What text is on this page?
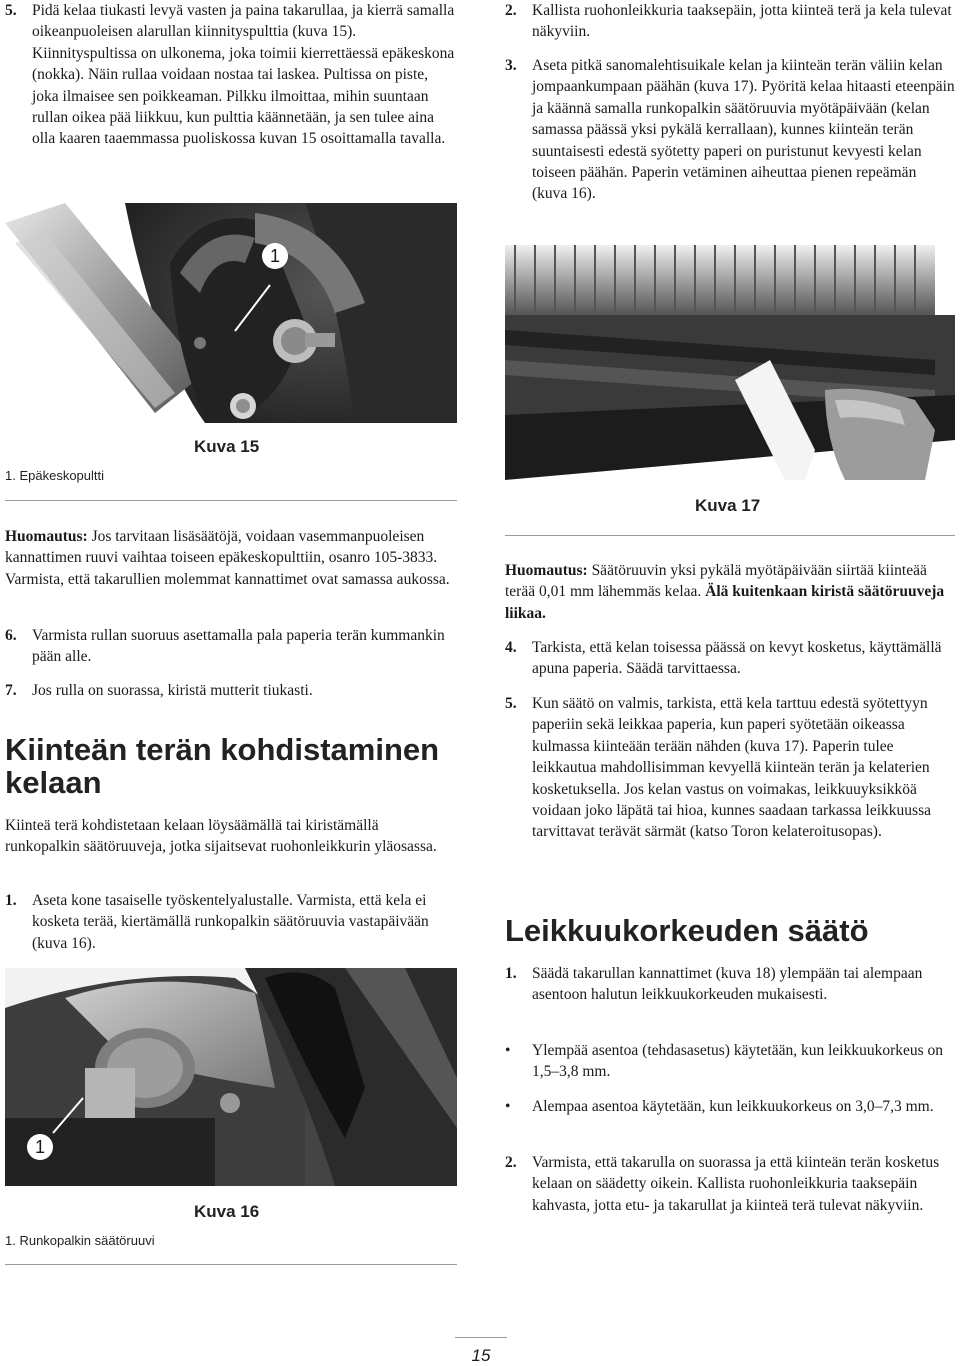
5. Pidä kelaa tiukasti levyä vasten ja paina takarullaa, ja kierrä samalla oikeanpuoleisen alarullan kiinnityspulttia (kuva 15). Kiinnityspultissa on ulkonema, joka toimii kierrettäessä epäkeskona (nokka). Näin rullaa voidaan nostaa tai laskea. Pultissa on piste, joka ilmaisee sen poikkeaman. Pilkku ilmoittaa, mihin suuntaan rullan oikea pää liikkuu, kun pulttia käännetään, ja sen tulee aina olla kaaren taaemmassa puoliskossa kuvan 15 osoittamalla tavalla.
1
1. Epäkeskopultti
Kuva 15

Huomautus: Jos tarvitaan lisäsäätöjä, voidaan vasemmanpuoleisen kannattimen ruuvi vaihtaa toiseen epäkeskopulttiin, osanro 105-3833. Varmista, että takarullien molemmat kannattimet ovat samassa aukossa.

6. Varmista rullan suoruus asettamalla pala paperia terän kummankin pään alle.
7. Jos rulla on suorassa, kiristä mutterit tiukasti.
Kiinteän terän kohdistaminen kelaan

Kiinteä terä kohdistetaan kelaan löysäämällä tai kiristämällä runkopalkin säätöruuveja, jotka sijaitsevat ruohonleikkurin yläosassa.

1. Aseta kone tasaiselle työskentelyalustalle. Varmista, että kela ei kosketa terää, kiertämällä runkopalkin säätöruuvia vastapäivään (kuva 16).
1
1. Runkopalkin säätöruuvi
Kuva 16
2. Kallista ruohonleikkuria taaksepäin, jotta kiinteä terä ja kela tulevat näkyviin.
3. Aseta pitkä sanomalehtisuikale kelan ja kiinteän terän väliin kelan jompaankumpaan päähän (kuva 17). Pyöritä kelaa hitaasti eteenpäin ja käännä samalla runkopalkin säätöruuvia myötäpäivään (kelan samassa päässä yksi pykälä kerrallaan), kunnes kiinteän terän suuntaisesti edestä syötetty paperi on puristunut kevyesti kelan toiseen päähän. Paperin vetäminen aiheuttaa pienen repeämän (kuva 16).
Kuva 17

Huomautus: Säätöruuvin yksi pykälä myötäpäivään siirtää kiinteää terää 0,01 mm lähemmäs kelaa. Älä kuitenkaan kiristä säätöruuveja liikaa.

4. Tarkista, että kelan toisessa päässä on kevyt kosketus, käyttämällä apuna paperia. Säädä tarvittaessa.
5. Kun säätö on valmis, tarkista, että kela tarttuu edestä syötettyyn paperiin sekä leikkaa paperia, kun paperi syötetään oikeassa kulmassa kiinteään terään nähden (kuva 17). Paperin tulee leikkautua mahdollisimman kevyellä kiinteän terän ja kelaterien kosketuksella. Jos kelan vastus on voimakas, leikkuuyksikköä voidaan joko läpätä tai hioa, kunnes saadaan tarkassa leikkuussa tarvittavat terävät särmät (katso Toron kelateroitusopas).
Leikkuukorkeuden säätö
1. Säädä takarullan kannattimet (kuva 18) ylempään tai alempaan asentoon halutun leikkuukorkeuden mukaisesti.
• Ylempää asentoa (tehdasasetus) käytetään, kun leikkuukorkeus on 1,5–3,8 mm.
• Alempaa asentoa käytetään, kun leikkuukorkeus on 3,0–7,3 mm.
2. Varmista, että takarulla on suorassa ja että kiinteän terän kosketus kelaan on säädetty oikein. Kallista ruohonleikkuria taaksepäin kahvasta, jotta etu- ja takarullat ja kiinteä terä tulevat näkyviin.
15
